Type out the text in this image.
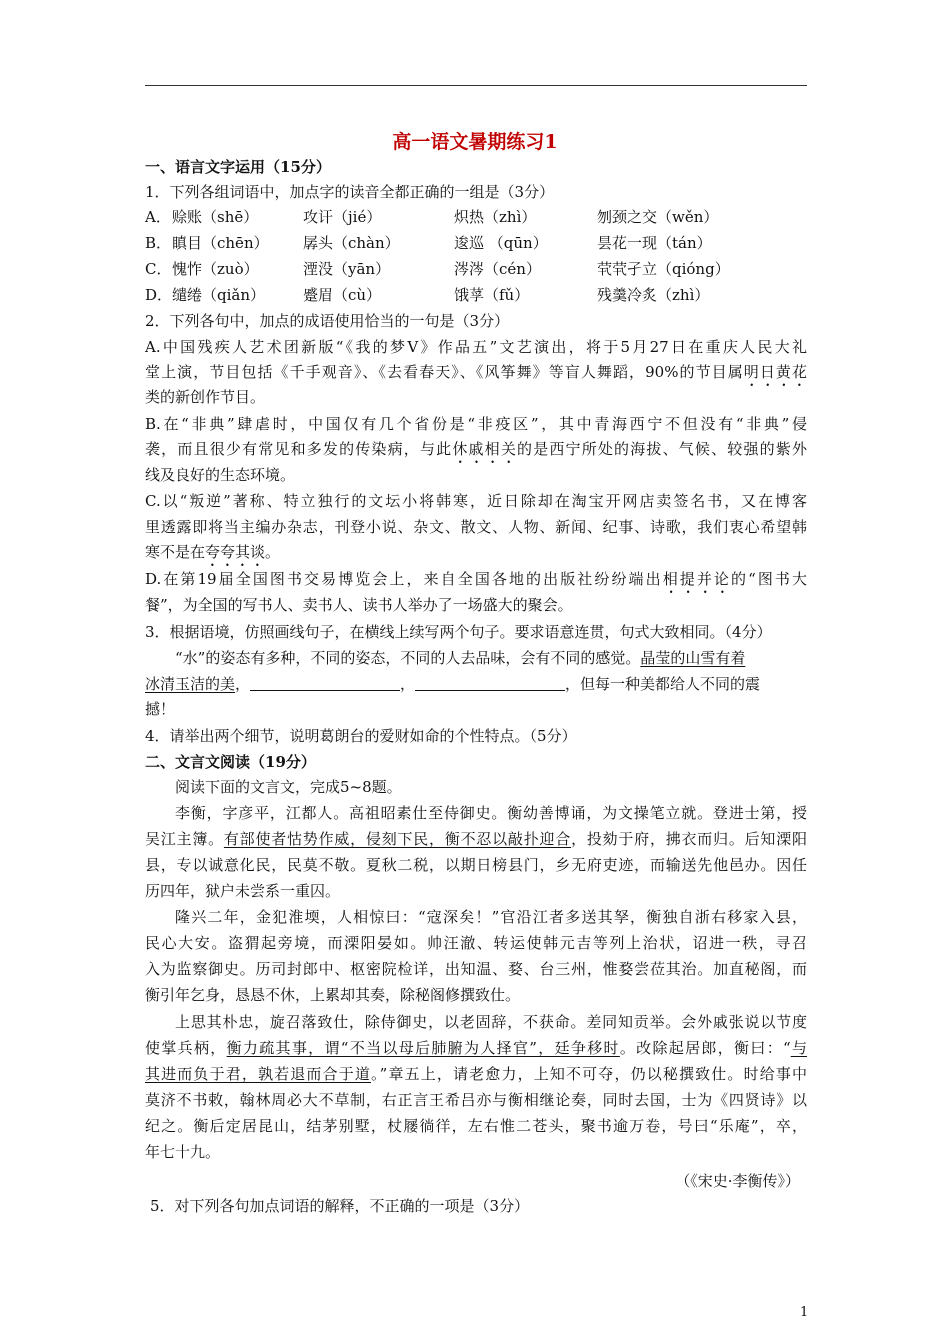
高一语文暑期练习1
一、语言文字运用（15分）
1．下列各组词语中，加点字的读音全都正确的一组是（3分）
A． 赊账（shē）	攻讦（jié）	炽热（zhì）	刎颈之交（wěn）
B． 瞋目（chēn） 孱头（chàn）	逡巡 （qūn）	昙花一现（tán）
C． 愧怍（zuò）	湮没（yān）	涔涔（cén）	茕茕孑立（qióng）
D． 缱绻（qiǎn）	蹙眉（cù）	饿莩（fǔ）	残羹冷炙（zhì）
2．下列各句中，加点的成语使用恰当的一句是（3分）
A.中国残疾人艺术团新版“《我的梦Ⅴ》作品五”文艺演出，将于5月27日在重庆人民大礼
堂上演，节目包括《千手观音》、《去看春天》、《风筝舞》等盲人舞蹈，90%的节目属明日黄花
类的新创作节目。
B.在“非典”肆虐时，中国仅有几个省份是“非疫区”，其中青海西宁不但没有“非典”侵
袭，而且很少有常见和多发的传染病，与此休戚相关的是西宁所处的海拔、气候、较强的紫外
线及良好的生态环境。
C.以“叛逆”著称、特立独行的文坛小将韩寒，近日除却在淘宝开网店卖签名书，又在博客
里透露即将当主编办杂志，刊登小说、杂文、散文、人物、新闻、纪事、诗歌，我们衷心希望韩
寒不是在夸夸其谈。
D.在第19届全国图书交易博览会上，来自全国各地的出版社纷纷端出相提并论的“图书大
餐”，为全国的写书人、卖书人、读书人举办了一场盛大的聚会。
3．根据语境，仿照画线句子，在横线上续写两个句子。要求语意连贯，句式大致相同。（4分）
“水”的姿态有多种，不同的姿态，不同的人去品味，会有不同的感觉。晶莹的山雪有着
冰清玉洁的美，	，	，但每一种美都给人不同的震
撼！
4．请举出两个细节，说明葛朗台的爱财如命的个性特点。（5分）
二、文言文阅读（19分）
阅读下面的文言文，完成5~8题。
李衡，字彦平，江都人。高祖昭素仕至侍御史。衡幼善博诵，为文操笔立就。登进士第，授
吴江主簿。有部使者怙势作威，侵刻下民，衡不忍以敲扑迎合，投劾于府，拂衣而归。后知溧阳
县，专以诚意化民，民莫不敬。夏秋二税，以期日榜县门，乡无府吏迹，而输送先他邑办。因任
历四年，狱户未尝系一重囚。
隆兴二年，金犯淮堧，人相惊曰：“寇深矣！”官沿江者多送其孥，衡独自浙右移家入县，
民心大安。盗猬起旁境，而溧阳晏如。帅汪澈、转运使韩元吉等列上治状，诏进一秩，寻召
入为监察御史。历司封郎中、枢密院检详，出知温、婺、台三州，惟婺尝莅其治。加直秘阁，而
衡引年乞身，恳恳不休，上累却其奏，除秘阁修撰致仕。
上思其朴忠，旋召落致仕，除侍御史，以老固辞，不获命。差同知贡举。会外戚张说以节度
使掌兵柄，衡力疏其事，谓“不当以母后肺腑为人择官”，廷争移时。改除起居郎，衡曰：“与
其进而负于君，孰若退而合于道。”章五上，请老愈力，上知不可夺，仍以秘撰致仕。时给事中
莫济不书敕，翰林周必大不草制，右正言王希吕亦与衡相继论奏，同时去国，士为《四贤诗》以
纪之。衡后定居昆山，结茅别墅，杖屦徜徉，左右惟二苍头，聚书逾万卷，号曰“乐庵”，卒，
年七十九。
（《宋史·李衡传》）
5．对下列各句加点词语的解释，不正确的一项是（3分）
1
